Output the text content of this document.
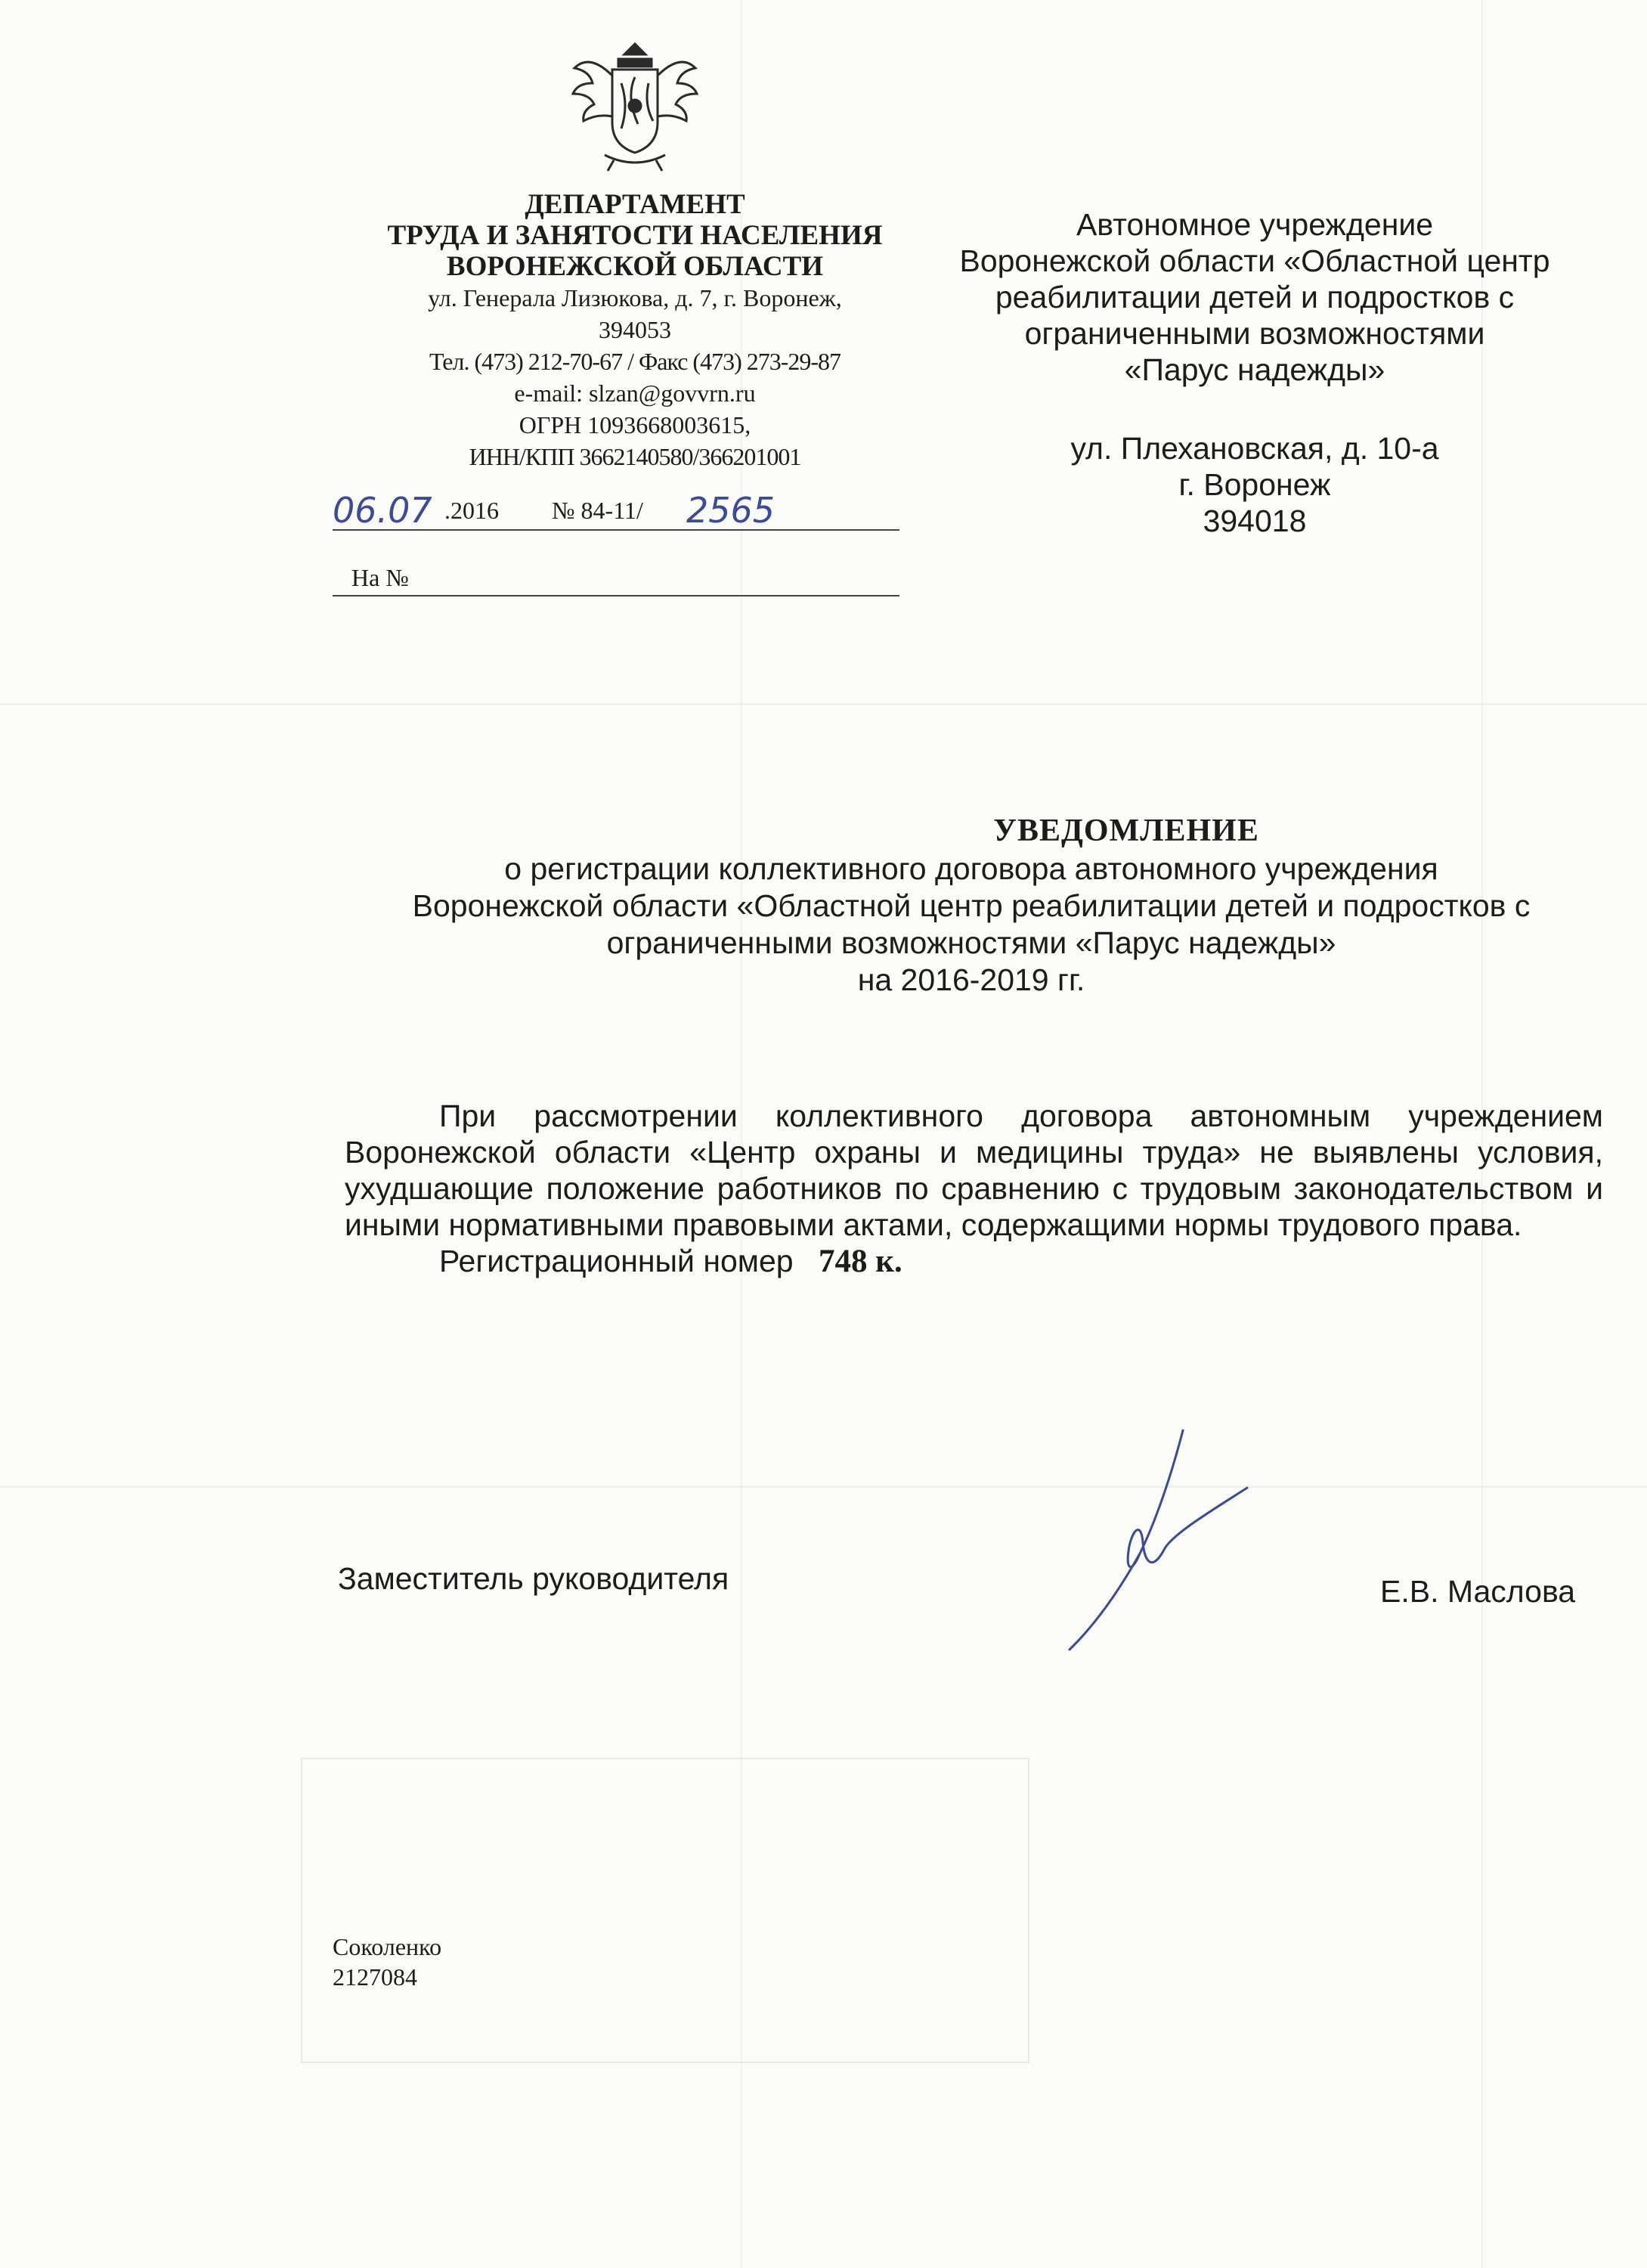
ДЕПАРТАМЕНТ
ТРУДА И ЗАНЯТОСТИ НАСЕЛЕНИЯ
ВОРОНЕЖСКОЙ ОБЛАСТИ
ул. Генерала Лизюкова, д. 7, г. Воронеж,
394053
Тел. (473) 212-70-67 / Факс (473) 273-29-87
e-mail: slzan@govvrn.ru
ОГРН 1093668003615,
ИНН/КПП 3662140580/366201001
06.07 .2016 № 84-11/ 2565
На №
Автономное учреждение
Воронежской области «Областной центр
реабилитации детей и подростков с
ограниченными возможностями
«Парус надежды»
ул. Плехановская, д. 10-а
г. Воронеж
394018
УВЕДОМЛЕНИЕ
о регистрации коллективного договора автономного учреждения
Воронежской области «Областной центр реабилитации детей и подростков с
ограниченными возможностями «Парус надежды»
на 2016-2019 гг.

При рассмотрении коллективного договора автономным учреждением Воронежской области «Центр охраны и медицины труда» не выявлены условия, ухудшающие положение работников по сравнению с трудовым законодательством и иными нормативными правовыми актами, содержащими нормы трудового права.

Регистрационный номер 748 к.

Заместитель руководителя	Е.В. Маслова
Соколенко
2127084
